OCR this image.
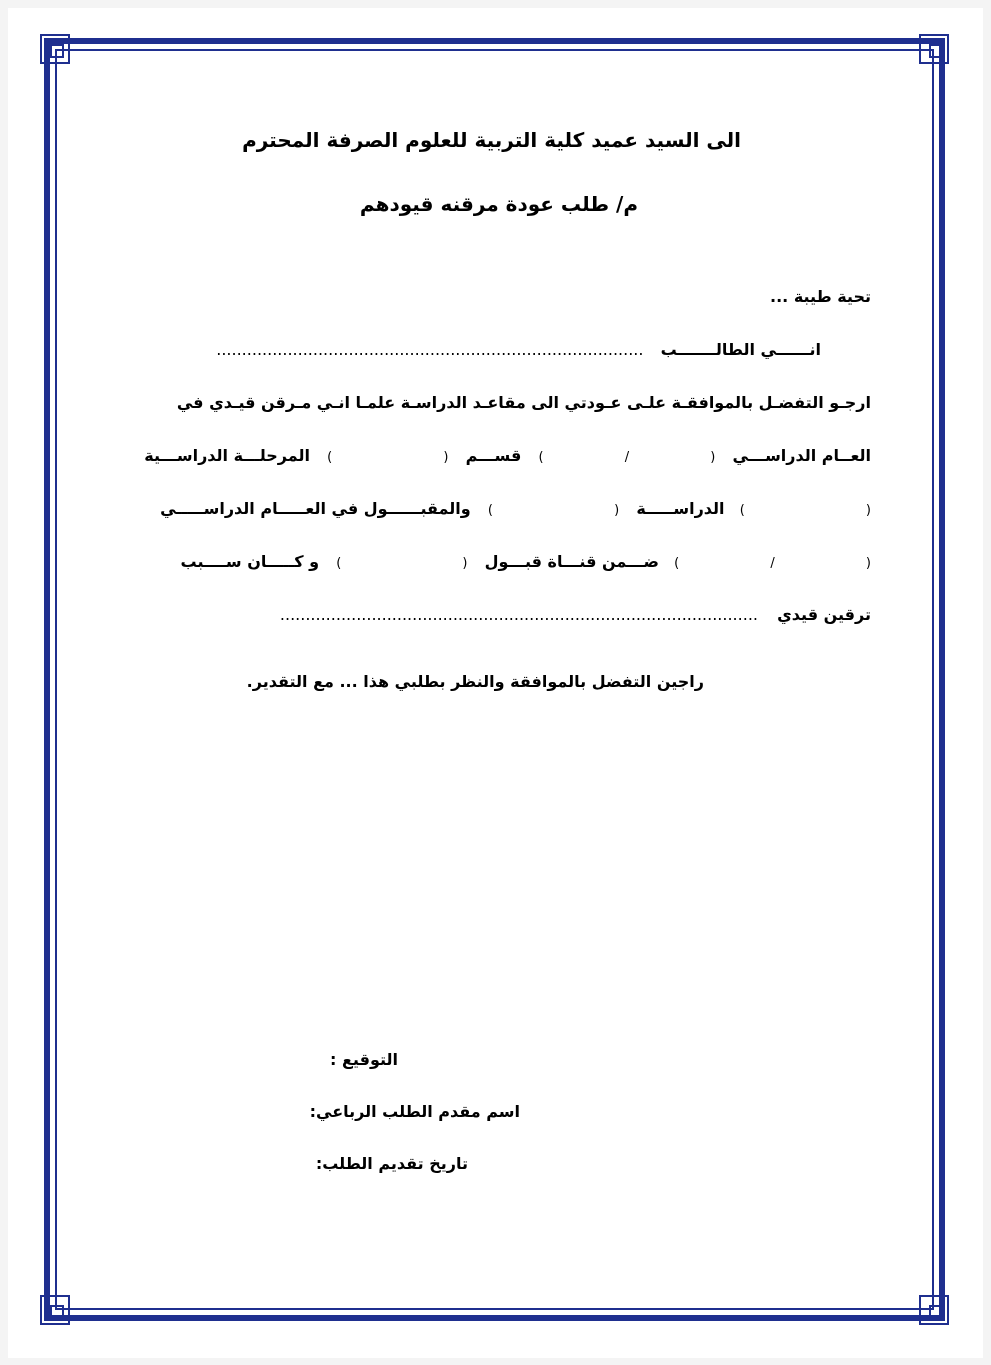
الى السيد عميد كلية التربية للعلوم الصرفة المحترم
م/ طلب عودة مرقنه قيودهم
تحية طيبة ...
انــــــي الطالـــــــب  ....................................................................................
ارجـو التفضـل بالموافقـة علـى عـودتي الى مقاعـد الدراسـة علمـا انـي مـرقن قيـدي في
العــام الدراســـي  (  /  )  قســـم  (  )  المرحلـــة الدراســـية
(  )  الدراســـــة  (  )  والمقبــــــول في العـــــام الدراســـــي
(  /  )  ضـــمن قنـــاة قبـــول  (  )  و كـــــان ســــبب
ترقين قيدي  ..............................................................................................
راجين التفضل بالموافقة والنظر بطلبي هذا ... مع التقدير.
التوقيع :
اسم مقدم الطلب الرباعي:
تاريخ تقديم الطلب:
